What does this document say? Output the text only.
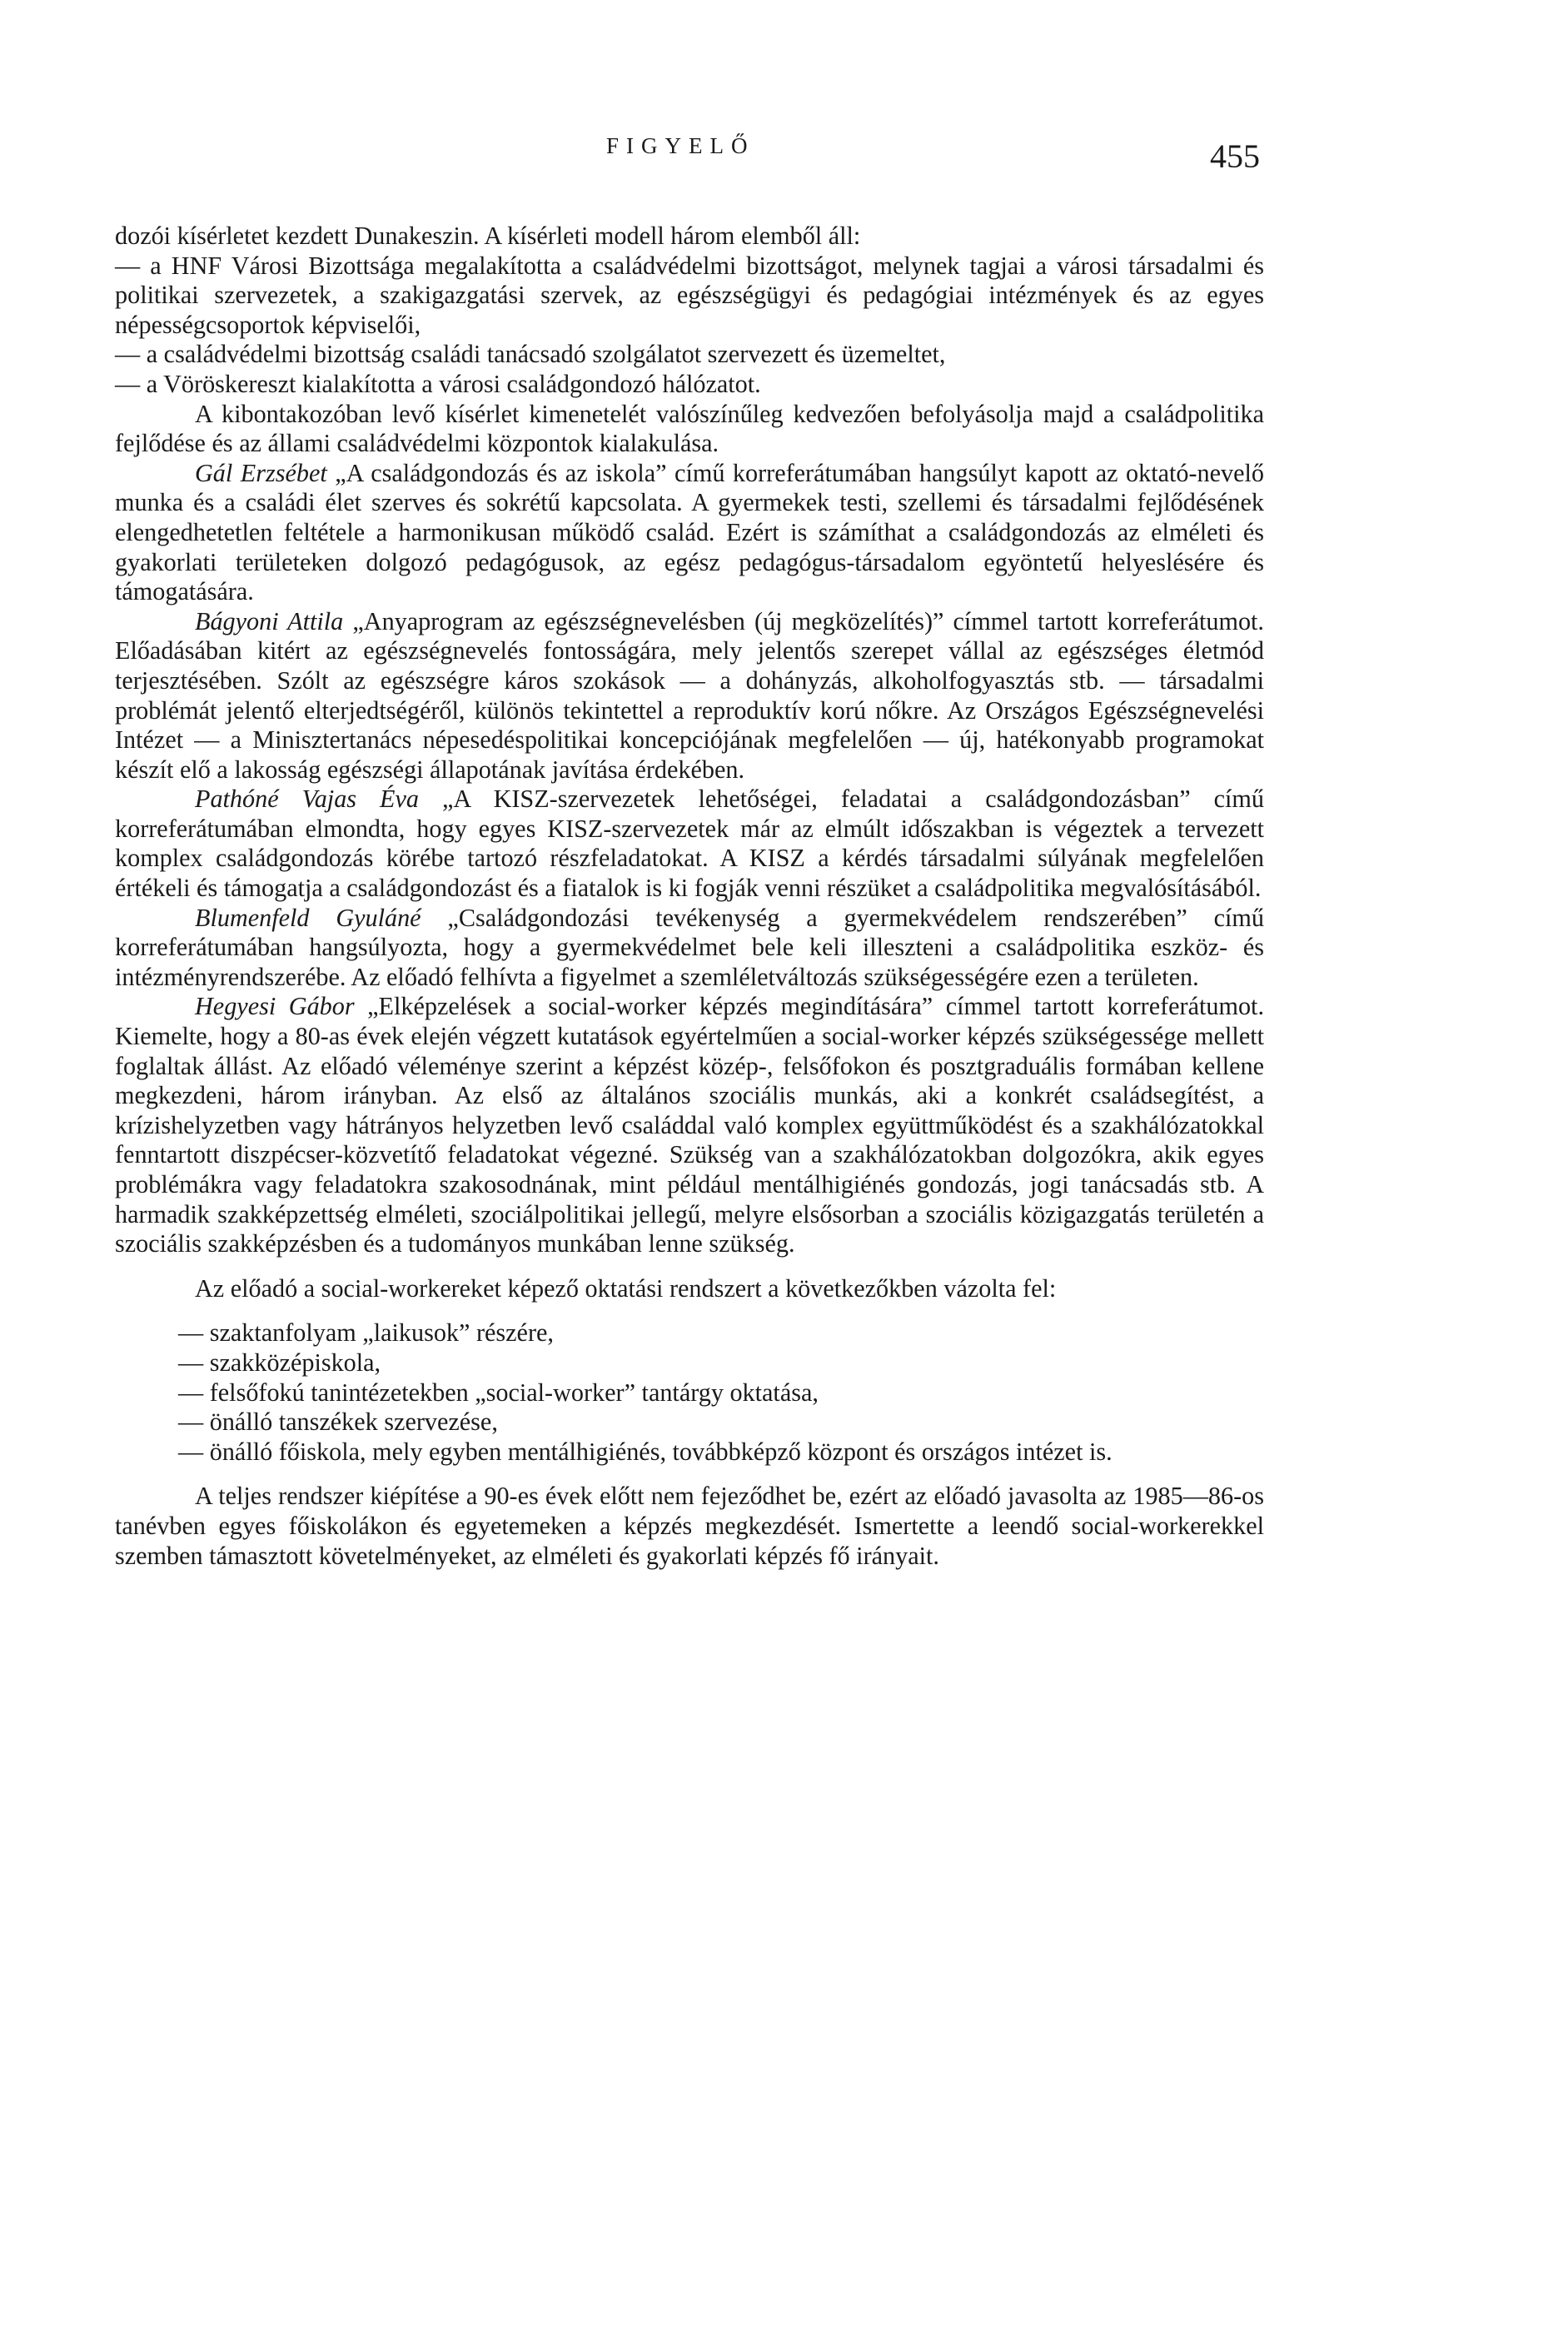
FIGYELŐ	455

dozói kísérletet kezdett Dunakeszin. A kísérleti modell három elemből áll:

— a HNF Városi Bizottsága megalakította a családvédelmi bizottságot, melynek tagjai a városi társadalmi és politikai szervezetek, a szakigazgatási szervek, az egészségügyi és pedagógiai intézmények és az egyes népességcsoportok képviselői,

— a családvédelmi bizottság családi tanácsadó szolgálatot szervezett és üzemeltet,

— a Vöröskereszt kialakította a városi családgondozó hálózatot.

A kibontakozóban levő kísérlet kimenetelét valószínűleg kedvezően befolyásolja majd a családpolitika fejlődése és az állami családvédelmi központok kialakulása.

Gál Erzsébet „A családgondozás és az iskola” című korreferátumában hangsúlyt kapott az oktató-nevelő munka és a családi élet szerves és sokrétű kapcsolata. A gyermekek testi, szellemi és társadalmi fejlődésének elengedhetetlen feltétele a harmonikusan működő család. Ezért is számíthat a családgondozás az elméleti és gyakorlati területeken dolgozó pedagógusok, az egész pedagógus-társadalom egyöntetű helyeslésére és támogatására.

Bágyoni Attila „Anyaprogram az egészségnevelésben (új megközelítés)” címmel tartott korreferátumot. Előadásában kitért az egészségnevelés fontosságára, mely jelentős szerepet vállal az egészséges életmód terjesztésében. Szólt az egészségre káros szokások — a dohányzás, alkoholfogyasztás stb. — társadalmi problémát jelentő elterjedtségéről, különös tekintettel a reproduktív korú nőkre. Az Országos Egészségnevelési Intézet — a Minisztertanács népesedéspolitikai koncepciójának megfelelően — új, hatékonyabb programokat készít elő a lakosság egészségi állapotának javítása érdekében.

Pathóné Vajas Éva „A KISZ-szervezetek lehetőségei, feladatai a családgondozásban” című korreferátumában elmondta, hogy egyes KISZ-szervezetek már az elmúlt időszakban is végeztek a tervezett komplex családgondozás körébe tartozó részfeladatokat. A KISZ a kérdés társadalmi súlyának megfelelően értékeli és támogatja a családgondozást és a fiatalok is ki fogják venni részüket a családpolitika megvalósításából.

Blumenfeld Gyuláné „Családgondozási tevékenység a gyermekvédelem rendszerében” című korreferátumában hangsúlyozta, hogy a gyermekvédelmet bele keli illeszteni a családpolitika eszköz- és intézményrendszerébe. Az előadó felhívta a figyelmet a szemléletváltozás szükségességére ezen a területen.

Hegyesi Gábor „Elképzelések a social-worker képzés megindítására” címmel tartott korreferátumot. Kiemelte, hogy a 80-as évek elején végzett kutatások egyértelműen a social-worker képzés szükségessége mellett foglaltak állást. Az előadó véleménye szerint a képzést közép-, felsőfokon és posztgraduális formában kellene megkezdeni, három irányban. Az első az általános szociális munkás, aki a konkrét családsegítést, a krízishelyzetben vagy hátrányos helyzetben levő családdal való komplex együttműködést és a szakhálózatokkal fenntartott diszpécser-közvetítő feladatokat végezné. Szükség van a szakhálózatokban dolgozókra, akik egyes problémákra vagy feladatokra szakosodnának, mint például mentálhigiénés gondozás, jogi tanácsadás stb. A harmadik szakképzettség elméleti, szociálpolitikai jellegű, melyre elsősorban a szociális közigazgatás területén a szociális szakképzésben és a tudományos munkában lenne szükség.

Az előadó a social-workereket képező oktatási rendszert a következőkben vázolta fel:

— szaktanfolyam „laikusok” részére,

— szakközépiskola,

— felsőfokú tanintézetekben „social-worker” tantárgy oktatása,

— önálló tanszékek szervezése,

— önálló főiskola, mely egyben mentálhigiénés, továbbképző központ és országos intézet is.

A teljes rendszer kiépítése a 90-es évek előtt nem fejeződhet be, ezért az előadó javasolta az 1985—86-os tanévben egyes főiskolákon és egyetemeken a képzés megkezdését. Ismertette a leendő social-workerekkel szemben támasztott követelményeket, az elméleti és gyakorlati képzés fő irányait.
